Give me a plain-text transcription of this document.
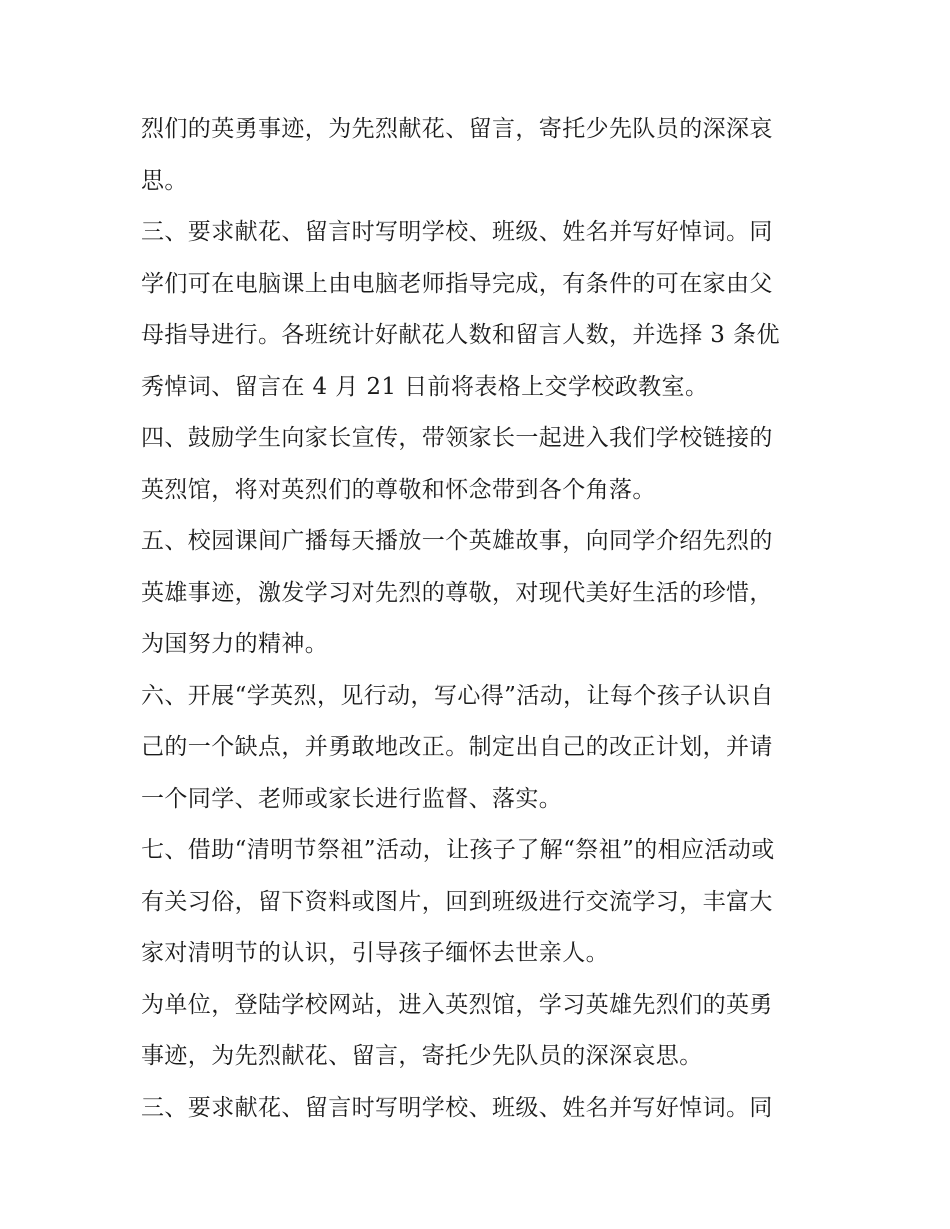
烈们的英勇事迹，为先烈献花、留言，寄托少先队员的深深哀
思。
三、要求献花、留言时写明学校、班级、姓名并写好悼词。同
学们可在电脑课上由电脑老师指导完成，有条件的可在家由父
母指导进行。各班统计好献花人数和留言人数，并选择 3 条优
秀悼词、留言在 4 月 21 日前将表格上交学校政教室。
四、鼓励学生向家长宣传，带领家长一起进入我们学校链接的
英烈馆，将对英烈们的尊敬和怀念带到各个角落。
五、校园课间广播每天播放一个英雄故事，向同学介绍先烈的
英雄事迹，激发学习对先烈的尊敬，对现代美好生活的珍惜，
为国努力的精神。
六、开展“学英烈，见行动，写心得”活动，让每个孩子认识自
己的一个缺点，并勇敢地改正。制定出自己的改正计划，并请
一个同学、老师或家长进行监督、落实。
七、借助“清明节祭祖”活动，让孩子了解“祭祖”的相应活动或
有关习俗，留下资料或图片，回到班级进行交流学习，丰富大
家对清明节的认识，引导孩子缅怀去世亲人。
为单位，登陆学校网站，进入英烈馆，学习英雄先烈们的英勇
事迹，为先烈献花、留言，寄托少先队员的深深哀思。
三、要求献花、留言时写明学校、班级、姓名并写好悼词。同
